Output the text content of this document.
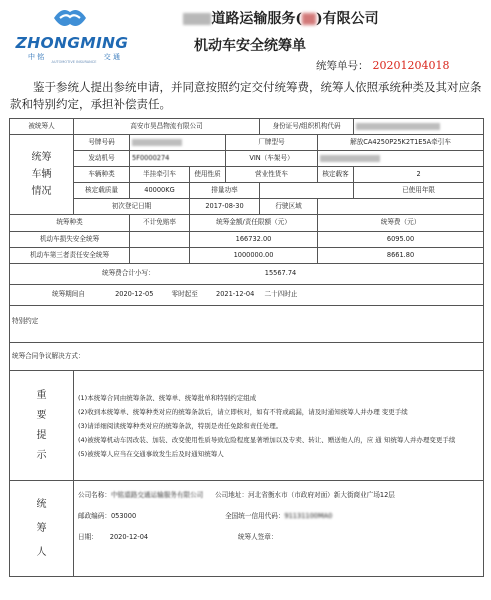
ZHONGMING
中 铭	交 通
AUTOMOTIVE INSURANCE
道路运输服务( )有限公司
机动车安全统筹单
统筹单号： 20201204018
鉴于参统人提出参统申请，并同意按照约定交付统筹费，统筹人依照承统种类及其对应条款和特别约定，承担补偿责任。
被统筹人	高安市昊昌物流有限公司				身份证号/组织机构代码		
统筹车辆情况	号牌号码			厂牌型号		解放CA4250P25K2T1E5A牵引车	
	发动机号	5F0000274		VIN（车架号）			
	车辆种类	半挂牵引车	使用性质	营业性货车		核定载客	2
	核定载质量	40000KG	排量功率				已使用年限
	初次登记日期		2017-08-30		行驶区域		
统筹种类		不计免赔率	统筹金额/责任限额（元）			统筹费（元）	
机动车损失安全统筹			166732.00			6095.00	
机动车第三者责任安全统筹			1000000.00			8661.80	
统筹费合计小写： 15567.74							
统筹期间自 2020-12-05 零时起至 2021-12-04 二十四时止							
特别约定							
统筹合同争议解决方式：							
重要提示	(1)本统筹合同由统筹条款、统筹单、统筹批单和特别约定组成
(2)收到本统筹单、统筹种类对应的统筹条款后，请立即核对，如有不符或疏漏，请及时通知统筹人并办理 变更手续
(3)请详细阅读统筹种类对应的统筹条款，特别是责任免除和责任处理。
(4)被统筹机动车因改装、加装、改变使用性质导致危险程度显著增加以及专卖、转让、赠送他人的，应 通 知统筹人并办理变更手续
(5)被统筹人应当在交通事故发生后及时通知统筹人						

统筹人	公司名称：中铭道路交通运输服务有限公司 公司地址：河北省衡水市（市政府对面）新大街商业广场12层
邮政编码：053000 全国统一信用代码：91131100MA0
日期： 2020-12-04 统筹人签章：						
